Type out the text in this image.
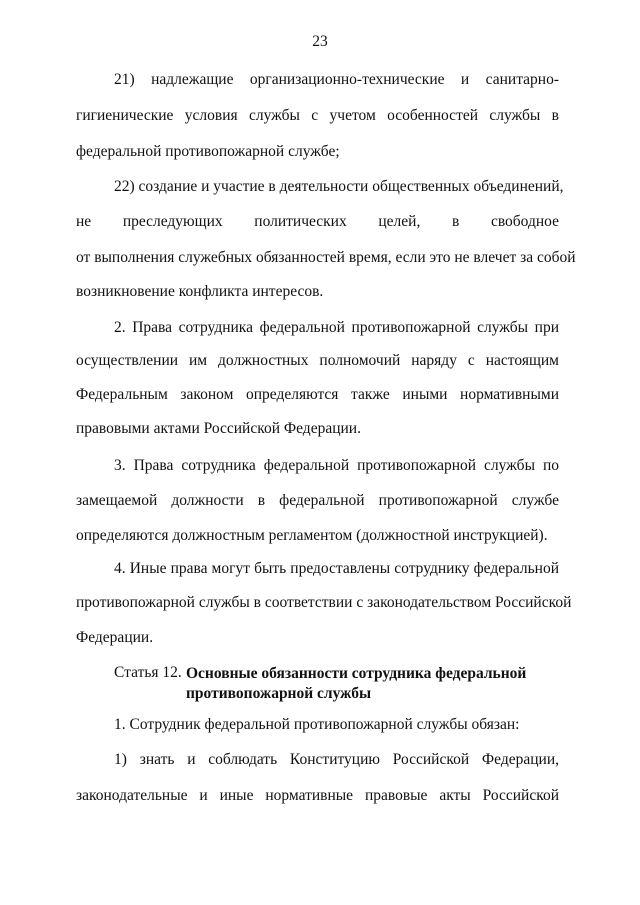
23
21) надлежащие организационно-технические и санитарно-
гигиенические условия службы с учетом особенностей службы в
федеральной противопожарной службе;
22) создание и участие в деятельности общественных объединений,
не преследующих политических целей, в свободное
от выполнения служебных обязанностей время, если это не влечет за собой
возникновение конфликта интересов.
2. Права сотрудника федеральной противопожарной службы при
осуществлении им должностных полномочий наряду с настоящим
Федеральным законом определяются также иными нормативными
правовыми актами Российской Федерации.
3. Права сотрудника федеральной противопожарной службы по
замещаемой должности в федеральной противопожарной службе
определяются должностным регламентом (должностной инструкцией).
4. Иные права могут быть предоставлены сотруднику федеральной
противопожарной службы в соответствии с законодательством Российской
Федерации.
Статья 12. Основные обязанности сотрудника федеральной
противопожарной службы
1. Сотрудник федеральной противопожарной службы обязан:
1) знать и соблюдать Конституцию Российской Федерации,
законодательные и иные нормативные правовые акты Российской
